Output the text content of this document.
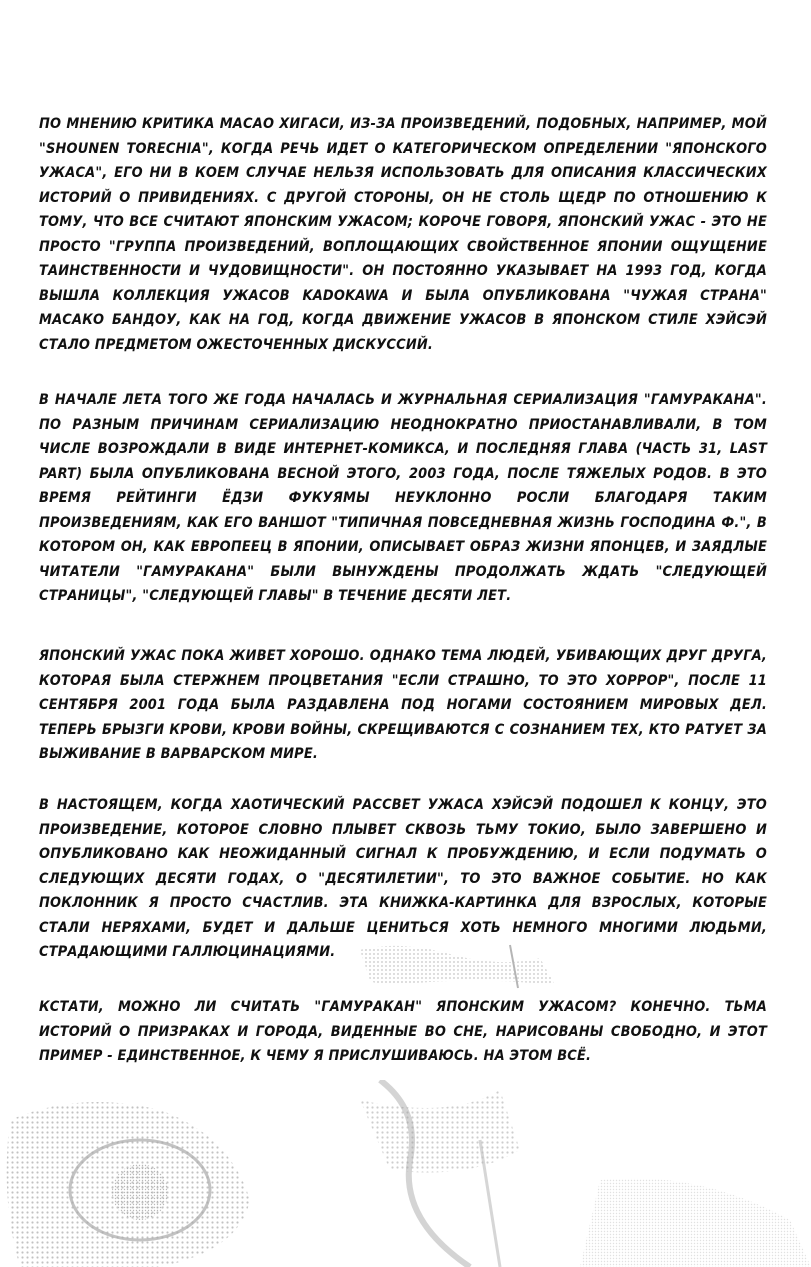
ПО МНЕНИЮ КРИТИКА МАСАО ХИГАСИ, ИЗ-ЗА ПРОИЗВЕДЕНИЙ, ПОДОБНЫХ, НАПРИМЕР, МОЙ "SHOUNEN TORECHIA", КОГДА РЕЧЬ ИДЕТ О КАТЕГОРИЧЕСКОМ ОПРЕДЕЛЕНИИ "ЯПОНСКОГО УЖАСА", ЕГО НИ В КОЕМ СЛУЧАЕ НЕЛЬЗЯ ИСПОЛЬЗОВАТЬ ДЛЯ ОПИСАНИЯ КЛАССИЧЕСКИХ ИСТОРИЙ О ПРИВИДЕНИЯХ. С ДРУГОЙ СТОРОНЫ, ОН НЕ СТОЛЬ ЩЕДР ПО ОТНОШЕНИЮ К ТОМУ, ЧТО ВСЕ СЧИТАЮТ ЯПОНСКИМ УЖАСОМ; КОРОЧЕ ГОВОРЯ, ЯПОНСКИЙ УЖАС - ЭТО НЕ ПРОСТО "ГРУППА ПРОИЗВЕДЕНИЙ, ВОПЛОЩАЮЩИХ СВОЙСТВЕННОЕ ЯПОНИИ ОЩУЩЕНИЕ ТАИНСТВЕННОСТИ И ЧУДОВИЩНОСТИ". ОН ПОСТОЯННО УКАЗЫВАЕТ НА 1993 ГОД, КОГДА ВЫШЛА КОЛЛЕКЦИЯ УЖАСОВ KADOKAWA И БЫЛА ОПУБЛИКОВАНА "ЧУЖАЯ СТРАНА" МАСАКО БАНДОУ, КАК НА ГОД, КОГДА ДВИЖЕНИЕ УЖАСОВ В ЯПОНСКОМ СТИЛЕ ХЭЙСЭЙ СТАЛО ПРЕДМЕТОМ ОЖЕСТОЧЕННЫХ ДИСКУССИЙ.

В НАЧАЛЕ ЛЕТА ТОГО ЖЕ ГОДА НАЧАЛАСЬ И ЖУРНАЛЬНАЯ СЕРИАЛИЗАЦИЯ "ГАМУРАКАНА". ПО РАЗНЫМ ПРИЧИНАМ СЕРИАЛИЗАЦИЮ НЕОДНОКРАТНО ПРИОСТАНАВЛИВАЛИ, В ТОМ ЧИСЛЕ ВОЗРОЖДАЛИ В ВИДЕ ИНТЕРНЕТ-КОМИКСА, И ПОСЛЕДНЯЯ ГЛАВА (ЧАСТЬ 31, LAST PART) БЫЛА ОПУБЛИКОВАНА ВЕСНОЙ ЭТОГО, 2003 ГОДА, ПОСЛЕ ТЯЖЕЛЫХ РОДОВ. В ЭТО ВРЕМЯ РЕЙТИНГИ ЁДЗИ ФУКУЯМЫ НЕУКЛОННО РОСЛИ БЛАГОДАРЯ ТАКИМ ПРОИЗВЕДЕНИЯМ, КАК ЕГО ВАНШОТ "ТИПИЧНАЯ ПОВСЕДНЕВНАЯ ЖИЗНЬ ГОСПОДИНА Ф.", В КОТОРОМ ОН, КАК ЕВРОПЕЕЦ В ЯПОНИИ, ОПИСЫВАЕТ ОБРАЗ ЖИЗНИ ЯПОНЦЕВ, И ЗАЯДЛЫЕ ЧИТАТЕЛИ "ГАМУРАКАНА" БЫЛИ ВЫНУЖДЕНЫ ПРОДОЛЖАТЬ ЖДАТЬ "СЛЕДУЮЩЕЙ СТРАНИЦЫ", "СЛЕДУЮЩЕЙ ГЛАВЫ" В ТЕЧЕНИЕ ДЕСЯТИ ЛЕТ.

ЯПОНСКИЙ УЖАС ПОКА ЖИВЕТ ХОРОШО. ОДНАКО ТЕМА ЛЮДЕЙ, УБИВАЮЩИХ ДРУГ ДРУГА, КОТОРАЯ БЫЛА СТЕРЖНЕМ ПРОЦВЕТАНИЯ "ЕСЛИ СТРАШНО, ТО ЭТО ХОРРОР", ПОСЛЕ 11 СЕНТЯБРЯ 2001 ГОДА БЫЛА РАЗДАВЛЕНА ПОД НОГАМИ СОСТОЯНИЕМ МИРОВЫХ ДЕЛ. ТЕПЕРЬ БРЫЗГИ КРОВИ, КРОВИ ВОЙНЫ, СКРЕЩИВАЮТСЯ С СОЗНАНИЕМ ТЕХ, КТО РАТУЕТ ЗА ВЫЖИВАНИЕ В ВАРВАРСКОМ МИРЕ.

В НАСТОЯЩЕМ, КОГДА ХАОТИЧЕСКИЙ РАССВЕТ УЖАСА ХЭЙСЭЙ ПОДОШЕЛ К КОНЦУ, ЭТО ПРОИЗВЕДЕНИЕ, КОТОРОЕ СЛОВНО ПЛЫВЕТ СКВОЗЬ ТЬМУ ТОКИО, БЫЛО ЗАВЕРШЕНО И ОПУБЛИКОВАНО КАК НЕОЖИДАННЫЙ СИГНАЛ К ПРОБУЖДЕНИЮ, И ЕСЛИ ПОДУМАТЬ О СЛЕДУЮЩИХ ДЕСЯТИ ГОДАХ, О "ДЕСЯТИЛЕТИИ", ТО ЭТО ВАЖНОЕ СОБЫТИЕ. НО КАК ПОКЛОННИК Я ПРОСТО СЧАСТЛИВ. ЭТА КНИЖКА-КАРТИНКА ДЛЯ ВЗРОСЛЫХ, КОТОРЫЕ СТАЛИ НЕРЯХАМИ, БУДЕТ И ДАЛЬШЕ ЦЕНИТЬСЯ ХОТЬ НЕМНОГО МНОГИМИ ЛЮДЬМИ, СТРАДАЮЩИМИ ГАЛЛЮЦИНАЦИЯМИ.

КСТАТИ, МОЖНО ЛИ СЧИТАТЬ "ГАМУРАКАН" ЯПОНСКИМ УЖАСОМ? КОНЕЧНО. ТЬМА ИСТОРИЙ О ПРИЗРАКАХ И ГОРОДА, ВИДЕННЫЕ ВО СНЕ, НАРИСОВАНЫ СВОБОДНО, И ЭТОТ ПРИМЕР - ЕДИНСТВЕННОЕ, К ЧЕМУ Я ПРИСЛУШИВАЮСЬ. НА ЭТОМ ВСЁ.
